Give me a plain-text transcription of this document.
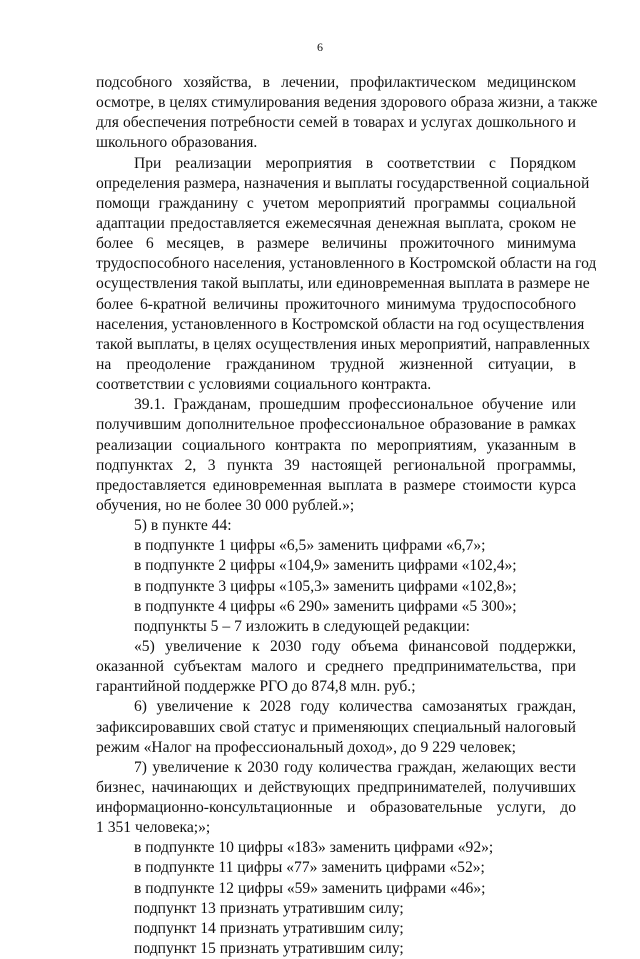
6
подсобного хозяйства, в лечении, профилактическом медицинском
осмотре, в целях стимулирования ведения здорового образа жизни, а также
для обеспечения потребности семей в товарах и услугах дошкольного и
школьного образования.
При реализации мероприятия в соответствии с Порядком
определения размера, назначения и выплаты государственной социальной
помощи гражданину с учетом мероприятий программы социальной
адаптации предоставляется ежемесячная денежная выплата, сроком не
более 6 месяцев, в размере величины прожиточного минимума
трудоспособного населения, установленного в Костромской области на год
осуществления такой выплаты, или единовременная выплата в размере не
более 6-кратной величины прожиточного минимума трудоспособного
населения, установленного в Костромской области на год осуществления
такой выплаты, в целях осуществления иных мероприятий, направленных
на преодоление гражданином трудной жизненной ситуации, в
соответствии с условиями социального контракта.
39.1. Гражданам, прошедшим профессиональное обучение или
получившим дополнительное профессиональное образование в рамках
реализации социального контракта по мероприятиям, указанным в
подпунктах 2, 3 пункта 39 настоящей региональной программы,
предоставляется единовременная выплата в размере стоимости курса
обучения, но не более 30 000 рублей.»;
5) в пункте 44:
в подпункте 1 цифры «6,5» заменить цифрами «6,7»;
в подпункте 2 цифры «104,9» заменить цифрами «102,4»;
в подпункте 3 цифры «105,3» заменить цифрами «102,8»;
в подпункте 4 цифры «6 290» заменить цифрами «5 300»;
подпункты 5 – 7 изложить в следующей редакции:
«5) увеличение к 2030 году объема финансовой поддержки,
оказанной субъектам малого и среднего предпринимательства, при
гарантийной поддержке РГО до 874,8 млн. руб.;
6) увеличение к 2028 году количества самозанятых граждан,
зафиксировавших свой статус и применяющих специальный налоговый
режим «Налог на профессиональный доход», до 9 229 человек;
7) увеличение к 2030 году количества граждан, желающих вести
бизнес, начинающих и действующих предпринимателей, получивших
информационно-консультационные и образовательные услуги, до
1 351 человека;»;
в подпункте 10 цифры «183» заменить цифрами «92»;
в подпункте 11 цифры «77» заменить цифрами «52»;
в подпункте 12 цифры «59» заменить цифрами «46»;
подпункт 13 признать утратившим силу;
подпункт 14 признать утратившим силу;
подпункт 15 признать утратившим силу;
